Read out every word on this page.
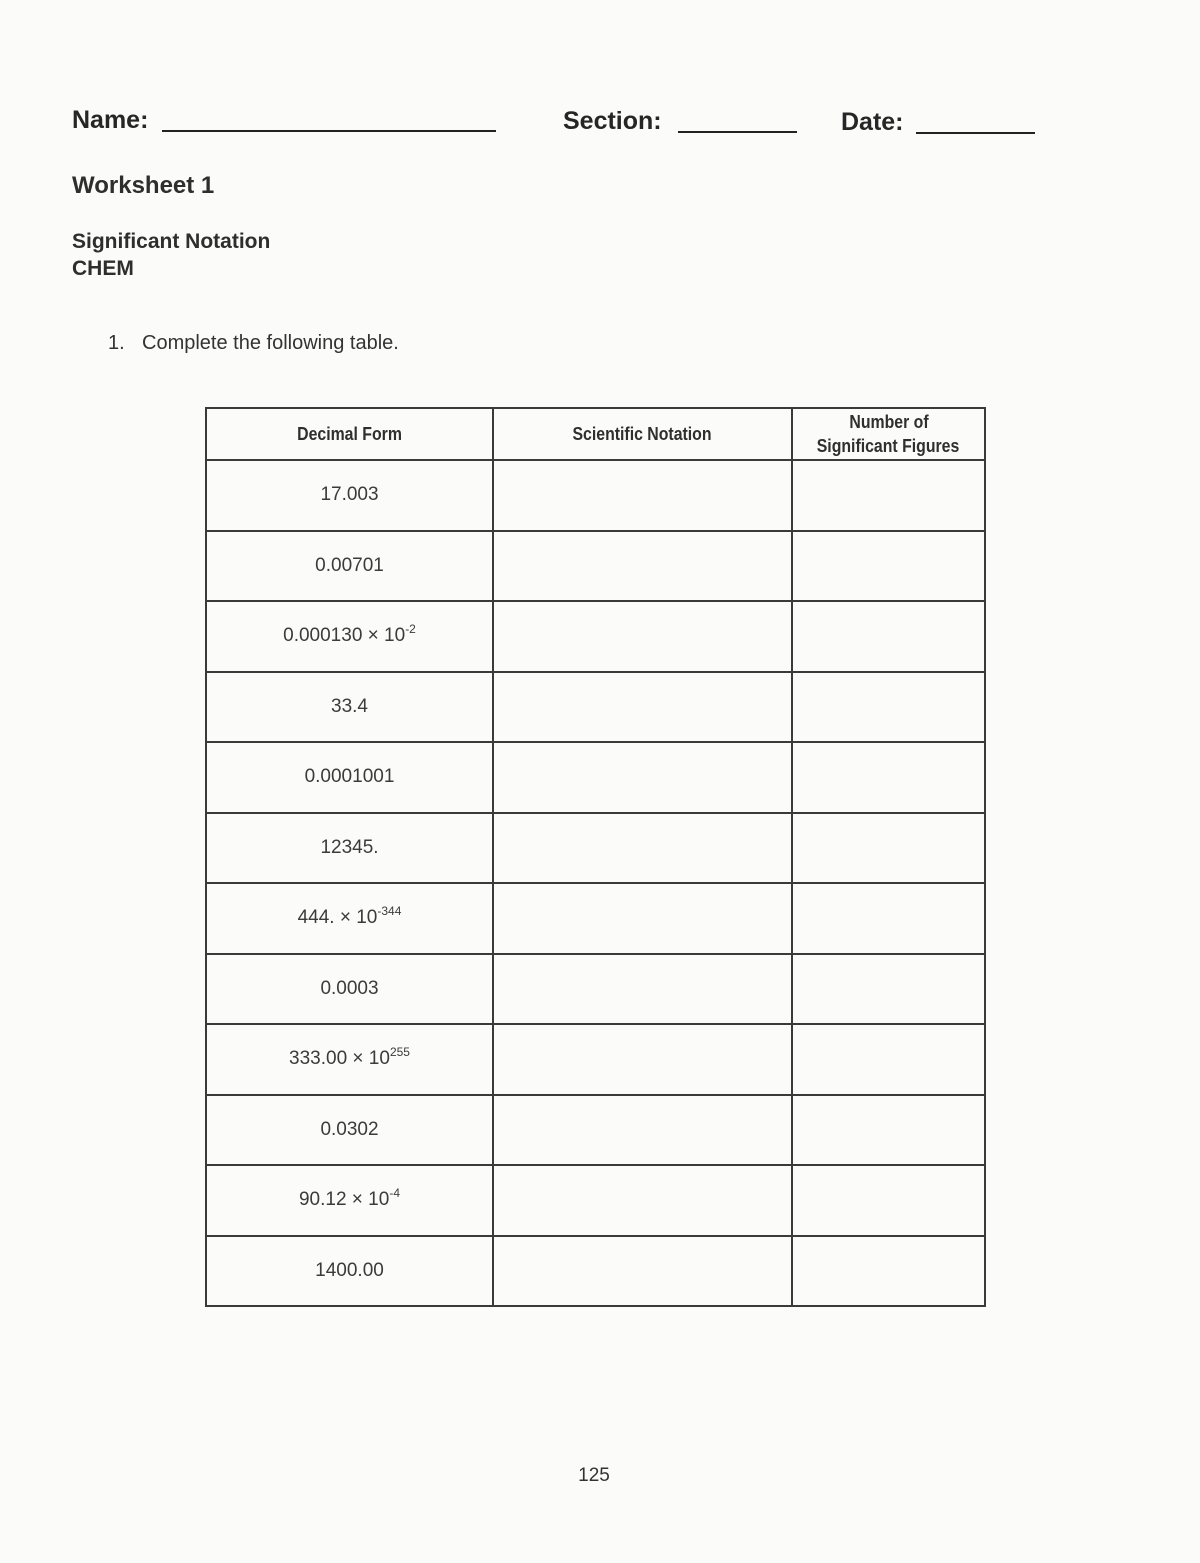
Name:	Section:	Date:
Worksheet 1
Significant Notation
CHEM
1. Complete the following table.
Decimal Form	Scientific Notation	Number of
Significant Figures
17.003		
0.00701		
$0.000130 \times 10^{-2}$		
33.4		
0.0001001		
12345.		
444. × $10^{-344}$		
0.0003		
$333.00 \times 10^{255}$		
0.0302		
$90.12 \times 10^{-4}$		
1400.00		
125
